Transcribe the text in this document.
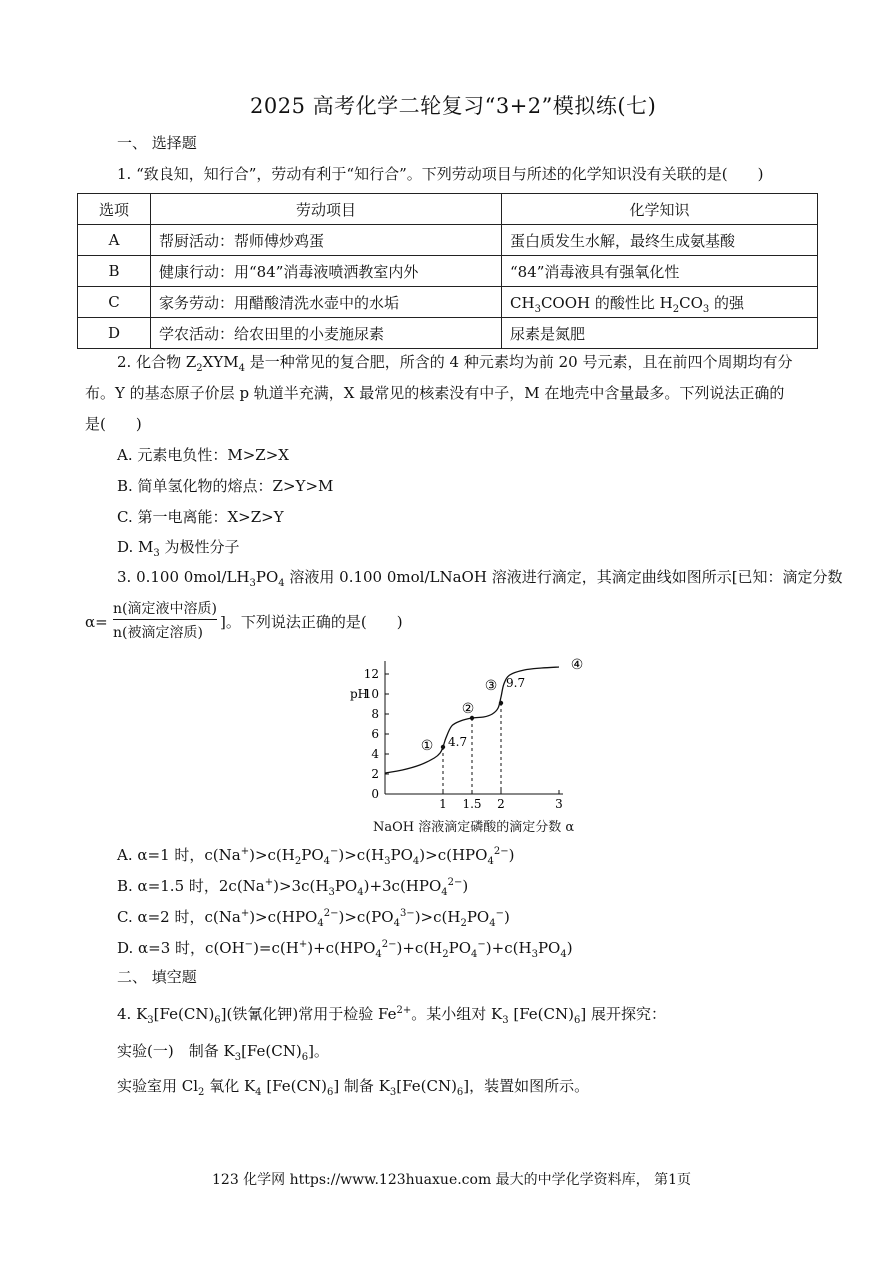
2025 高考化学二轮复习“3+2”模拟练(七)
一、 选择题
1. “致良知，知行合”，劳动有利于“知行合”。下列劳动项目与所述的化学知识没有关联的是(　　)
选项	劳动项目	化学知识
A	帮厨活动：帮师傅炒鸡蛋	蛋白质发生水解，最终生成氨基酸
B	健康行动：用“84”消毒液喷洒教室内外	“84”消毒液具有强氧化性
C	家务劳动：用醋酸清洗水壶中的水垢	$CH_3COOH$ 的酸性比 $H_2CO_3$ 的强
D	学农活动：给农田里的小麦施尿素	尿素是氮肥
2. 化合物 $Z_2XYM_4$ 是一种常见的复合肥，所含的 4 种元素均为前 20 号元素，且在前四个周期均有分
布。Y 的基态原子价层 p 轨道半充满，X 最常见的核素没有中子，M 在地壳中含量最多。下列说法正确的
是(　　)
A. 元素电负性：M>Z>X
B. 简单氢化物的熔点：Z>Y>M
C. 第一电离能：X>Z>Y
D. $M_3$ 为极性分子
3. 0.100 $0mol/LH_3PO_4$ 溶液用 0.100 0mol/LNaOH 溶液进行滴定，其滴定曲线如图所示[已知：滴定分数
α=
n(滴定液中溶质)
n(被滴定溶质)
]。下列说法正确的是(　　)
pH
0
2
4
6
8
10
12
1 1.5 2	3
① 4.7
②
③ 9.7
④
NaOH 溶液滴定磷酸的滴定分数 α
A. α=1 时，$c(Na^+)>c(H_2PO_4^-)>c(H_3PO_4)>c(HPO_4^{2-})$
B. α=1.5 时，$2c(Na^+)>3c(H_3PO_4)+3c(HPO_4^{2-})$
C. α=2 时，$c(Na^+)>c(HPO_4^{2-})>c(PO_4^{3-})>c(H_2PO_4^-)$
D. α=3 时，$c(OH^-)=c(H^+)+c(HPO_4^{2-})+c(H_2PO_4^-)+c(H_3PO_4)$
二、 填空题
4. $K_3[Fe(CN)_6]$(铁氰化钾)常用于检验 $Fe^{2+}$。某小组对 $K_3$ $[Fe(CN)_6]$ 展开探究：
实验(一)　制备 $K_3[Fe(CN)_6]$。
实验室用 $Cl_2$ 氧化 $K_4$ $[Fe(CN)_6]$ 制备 $K_3[Fe(CN)_6]$，装置如图所示。
123 化学网 https://www.123huaxue.com 最大的中学化学资料库， 第1页
